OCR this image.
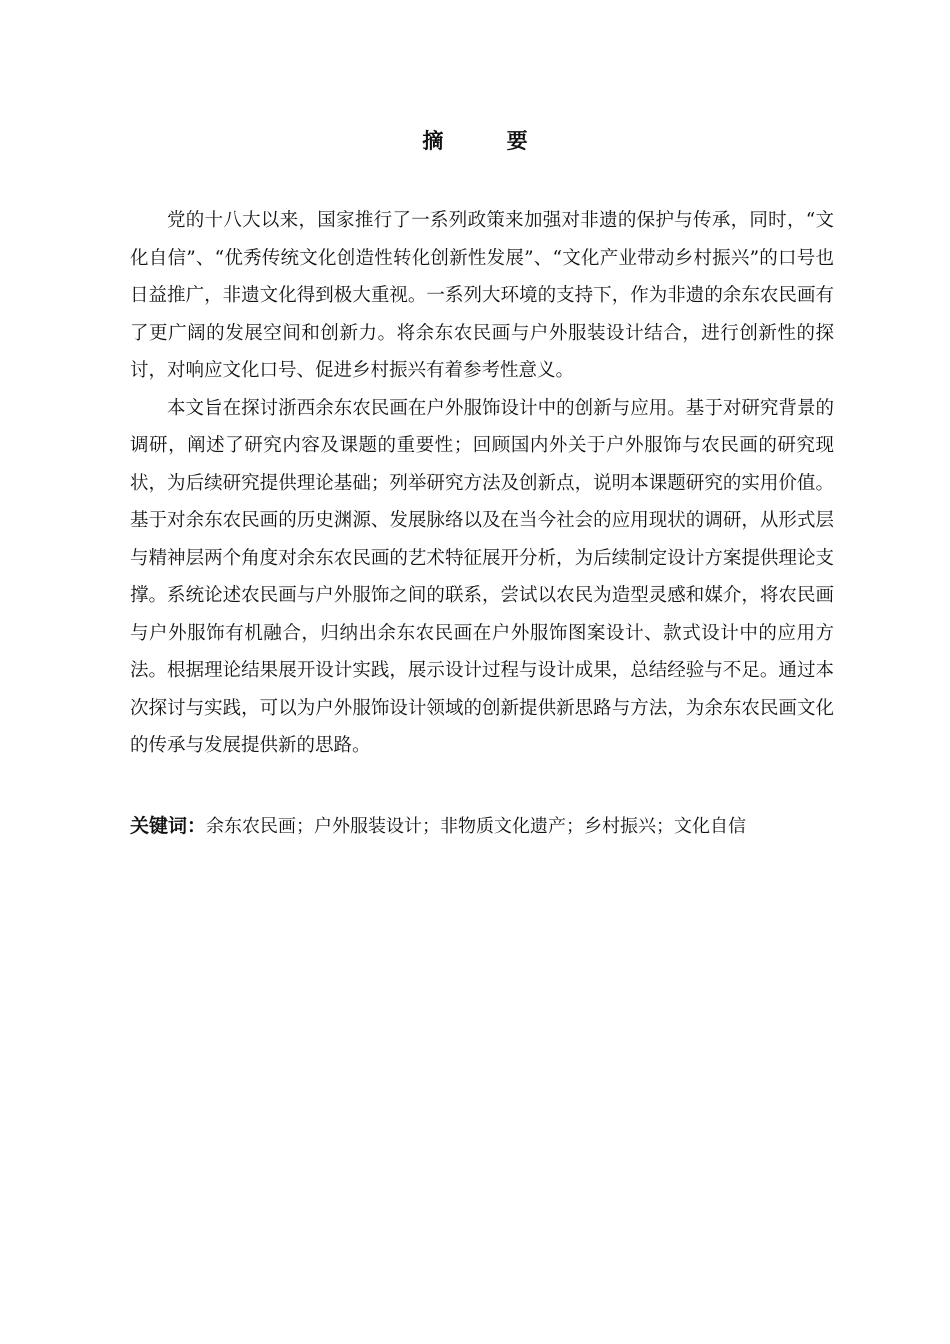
摘 要

党的十八大以来，国家推行了一系列政策来加强对非遗的保护与传承，同时，“文化自信”、“优秀传统文化创造性转化创新性发展”、“文化产业带动乡村振兴”的口号也日益推广，非遗文化得到极大重视。一系列大环境的支持下，作为非遗的余东农民画有了更广阔的发展空间和创新力。将余东农民画与户外服装设计结合，进行创新性的探讨，对响应文化口号、促进乡村振兴有着参考性意义。

本文旨在探讨浙西余东农民画在户外服饰设计中的创新与应用。基于对研究背景的调研，阐述了研究内容及课题的重要性；回顾国内外关于户外服饰与农民画的研究现状，为后续研究提供理论基础；列举研究方法及创新点，说明本课题研究的实用价值。基于对余东农民画的历史渊源、发展脉络以及在当今社会的应用现状的调研，从形式层与精神层两个角度对余东农民画的艺术特征展开分析，为后续制定设计方案提供理论支撑。系统论述农民画与户外服饰之间的联系，尝试以农民为造型灵感和媒介，将农民画与户外服饰有机融合，归纳出余东农民画在户外服饰图案设计、款式设计中的应用方法。根据理论结果展开设计实践，展示设计过程与设计成果，总结经验与不足。通过本次探讨与实践，可以为户外服饰设计领域的创新提供新思路与方法，为余东农民画文化的传承与发展提供新的思路。

关键词：余东农民画；户外服装设计；非物质文化遗产；乡村振兴；文化自信
